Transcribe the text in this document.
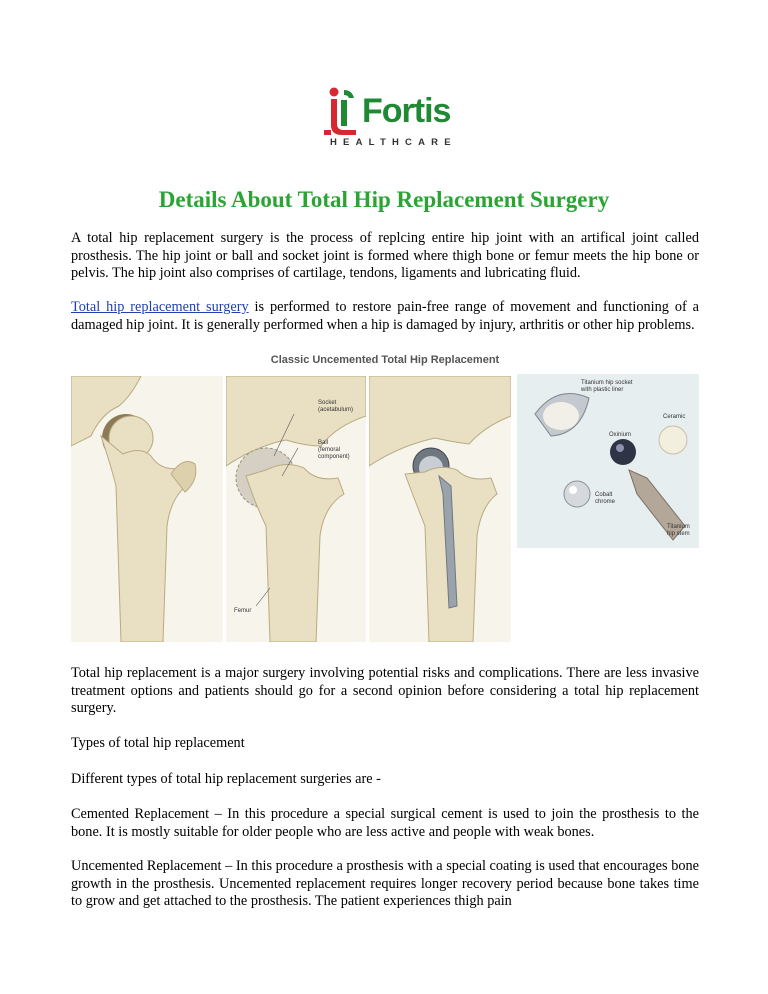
Fortis
HEALTHCARE
Details About Total Hip Replacement Surgery
A total hip replacement surgery is the process of replcing entire hip joint with an artifical joint called prosthesis. The hip joint or ball and socket joint is formed where thigh bone or femur meets the hip bone or pelvis. The hip joint also comprises of cartilage, tendons, ligaments and lubricating fluid.
Total hip replacement surgery is performed to restore pain-free range of movement and functioning of a damaged hip joint. It is generally performed when a hip is damaged by injury, arthritis or other hip problems.
Classic Uncemented Total Hip Replacement
Socket
(acetabulum)
Ball
(femoral
component)
Femur
Titanium hip socket
with plastic liner
Ceramic
Oxinium
Cobalt
chrome
Titanium
hip stem
Total hip replacement is a major surgery involving potential risks and complications. There are less invasive treatment options and patients should go for a second opinion before considering a total hip replacement surgery.
Types of total hip replacement
Different types of total hip replacement surgeries are -
Cemented Replacement – In this procedure a special surgical cement is used to join the prosthesis to the bone. It is mostly suitable for older people who are less active and people with weak bones.
Uncemented Replacement – In this procedure a prosthesis with a special coating is used that encourages bone growth in the prosthesis. Uncemented replacement requires longer recovery period because bone takes time to grow and get attached to the prosthesis. The patient experiences thigh pain
